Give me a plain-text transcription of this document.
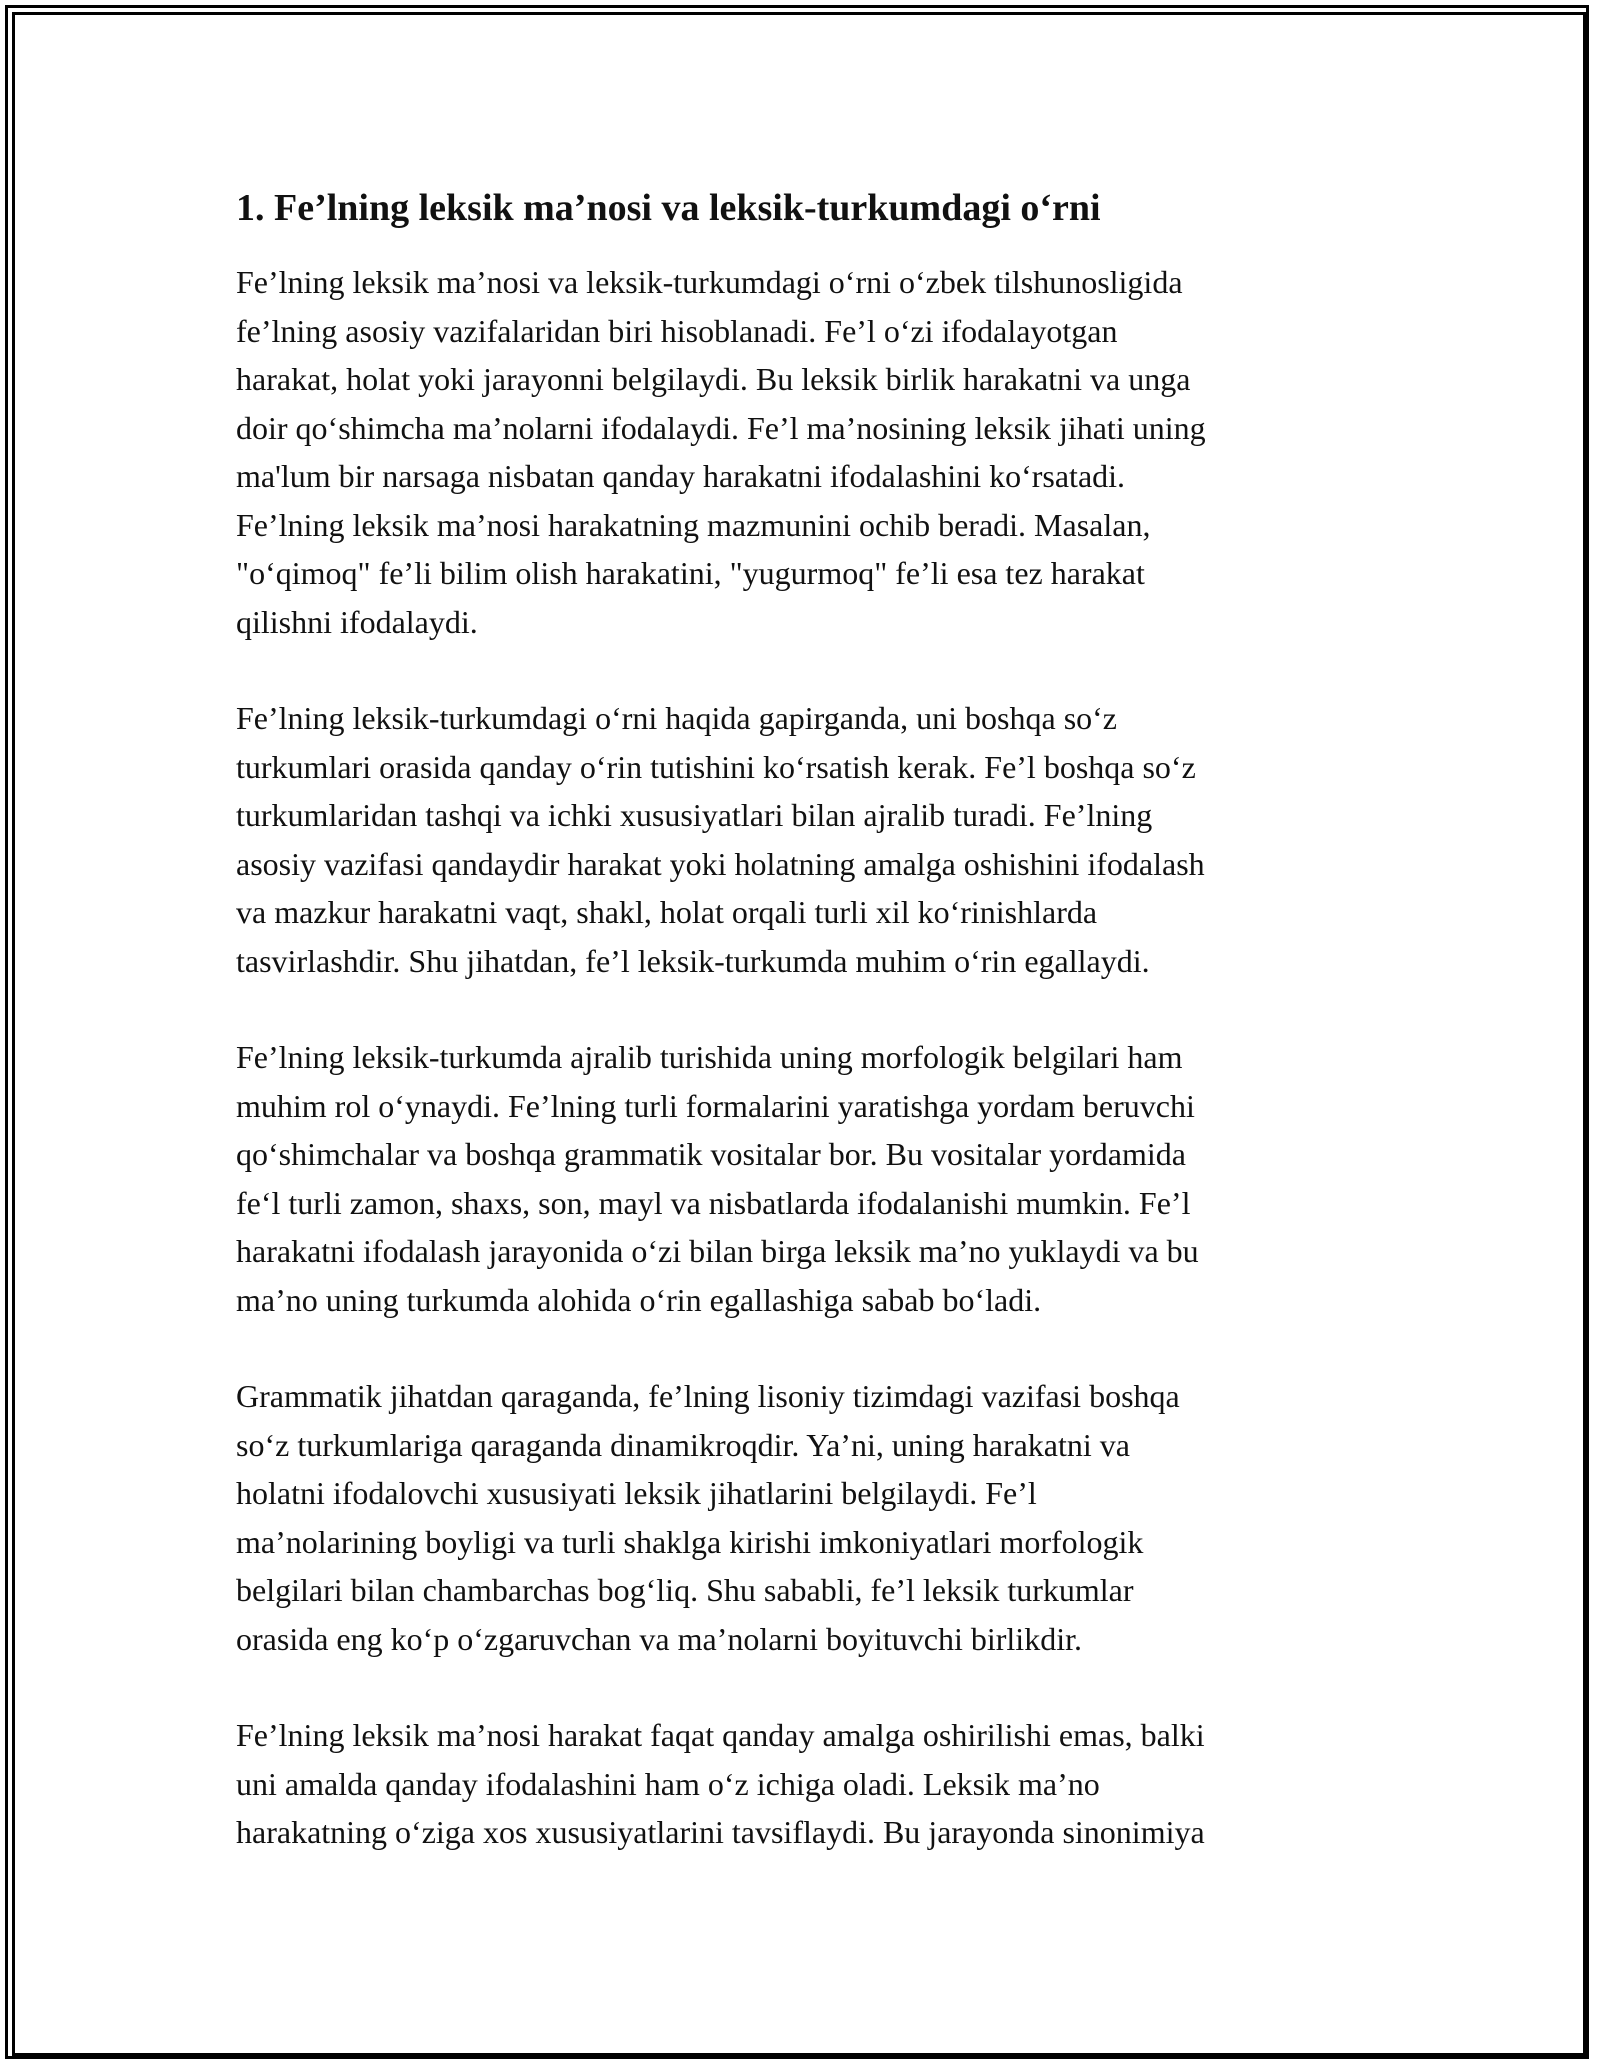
1. Fe’lning leksik ma’nosi va leksik-turkumdagi o‘rni

Fe’lning leksik ma’nosi va leksik-turkumdagi o‘rni o‘zbek tilshunosligida
fe’lning asosiy vazifalaridan biri hisoblanadi. Fe’l o‘zi ifodalayotgan
harakat, holat yoki jarayonni belgilaydi. Bu leksik birlik harakatni va unga
doir qo‘shimcha ma’nolarni ifodalaydi. Fe’l ma’nosining leksik jihati uning
ma'lum bir narsaga nisbatan qanday harakatni ifodalashini ko‘rsatadi.
Fe’lning leksik ma’nosi harakatning mazmunini ochib beradi. Masalan,
"o‘qimoq" fe’li bilim olish harakatini, "yugurmoq" fe’li esa tez harakat
qilishni ifodalaydi.

Fe’lning leksik-turkumdagi o‘rni haqida gapirganda, uni boshqa so‘z
turkumlari orasida qanday o‘rin tutishini ko‘rsatish kerak. Fe’l boshqa so‘z
turkumlaridan tashqi va ichki xususiyatlari bilan ajralib turadi. Fe’lning
asosiy vazifasi qandaydir harakat yoki holatning amalga oshishini ifodalash
va mazkur harakatni vaqt, shakl, holat orqali turli xil ko‘rinishlarda
tasvirlashdir. Shu jihatdan, fe’l leksik-turkumda muhim o‘rin egallaydi.

Fe’lning leksik-turkumda ajralib turishida uning morfologik belgilari ham
muhim rol o‘ynaydi. Fe’lning turli formalarini yaratishga yordam beruvchi
qo‘shimchalar va boshqa grammatik vositalar bor. Bu vositalar yordamida
fe‘l turli zamon, shaxs, son, mayl va nisbatlarda ifodalanishi mumkin. Fe’l
harakatni ifodalash jarayonida o‘zi bilan birga leksik ma’no yuklaydi va bu
ma’no uning turkumda alohida o‘rin egallashiga sabab bo‘ladi.

Grammatik jihatdan qaraganda, fe’lning lisoniy tizimdagi vazifasi boshqa
so‘z turkumlariga qaraganda dinamikroqdir. Ya’ni, uning harakatni va
holatni ifodalovchi xususiyati leksik jihatlarini belgilaydi. Fe’l
ma’nolarining boyligi va turli shaklga kirishi imkoniyatlari morfologik
belgilari bilan chambarchas bog‘liq. Shu sababli, fe’l leksik turkumlar
orasida eng ko‘p o‘zgaruvchan va ma’nolarni boyituvchi birlikdir.

Fe’lning leksik ma’nosi harakat faqat qanday amalga oshirilishi emas, balki
uni amalda qanday ifodalashini ham o‘z ichiga oladi. Leksik ma’no
harakatning o‘ziga xos xususiyatlarini tavsiflaydi. Bu jarayonda sinonimiya
